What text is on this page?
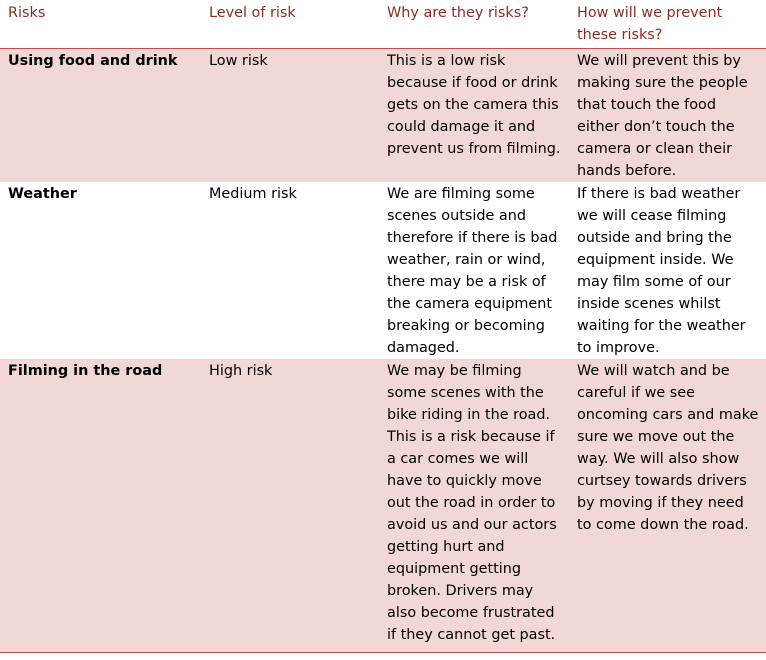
Risks	Level of risk	Why are they risks?	How will we prevent these risks?
Using food and drink	Low risk	This is a low risk because if food or drink gets on the camera this could damage it and prevent us from filming.	We will prevent this by making sure the people that touch the food either don’t touch the camera or clean their hands before.
Weather	Medium risk	We are filming some scenes outside and therefore if there is bad weather, rain or wind, there may be a risk of the camera equipment breaking or becoming damaged.	If there is bad weather we will cease filming outside and bring the equipment inside. We may film some of our inside scenes whilst waiting for the weather to improve.
Filming in the road	High risk	We may be filming some scenes with the bike riding in the road. This is a risk because if a car comes we will have to quickly move out the road in order to avoid us and our actors getting hurt and equipment getting broken. Drivers may also become frustrated if they cannot get past.	We will watch and be careful if we see oncoming cars and make sure we move out the way. We will also show curtsey towards drivers by moving if they need to come down the road.
